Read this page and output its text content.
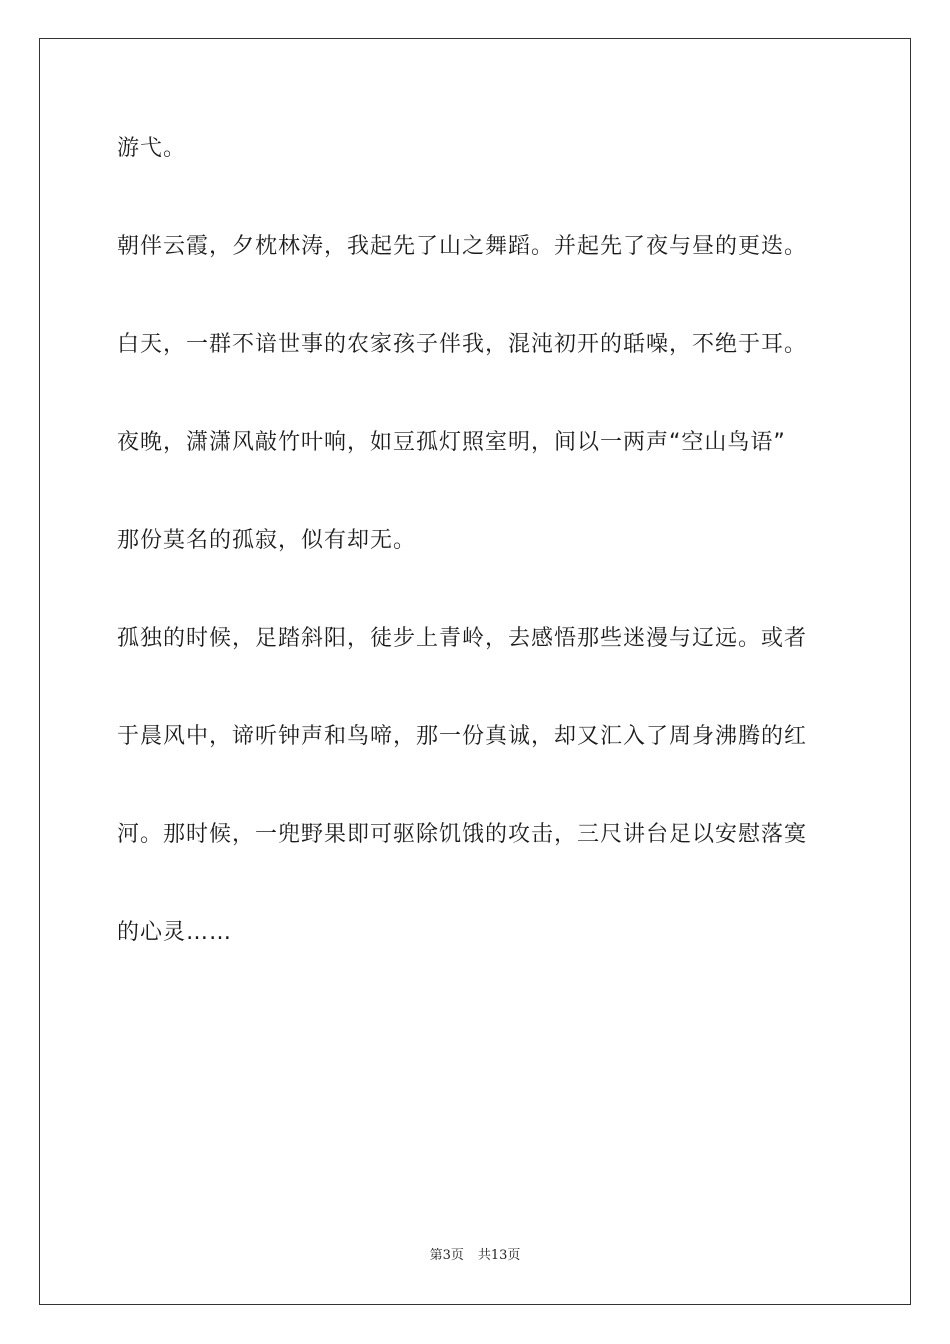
游弋。
朝伴云霞，夕枕林涛，我起先了山之舞蹈。并起先了夜与昼的更迭。
白天，一群不谙世事的农家孩子伴我，混沌初开的聒噪，不绝于耳。
夜晚，潇潇风敲竹叶响，如豆孤灯照室明，间以一两声“空山鸟语”
那份莫名的孤寂，似有却无。
孤独的时候，足踏斜阳，徒步上青岭，去感悟那些迷漫与辽远。或者
于晨风中，谛听钟声和鸟啼，那一份真诚，却又汇入了周身沸腾的红
河。那时候，一兜野果即可驱除饥饿的攻击，三尺讲台足以安慰落寞
的心灵……
第3页 共13页
